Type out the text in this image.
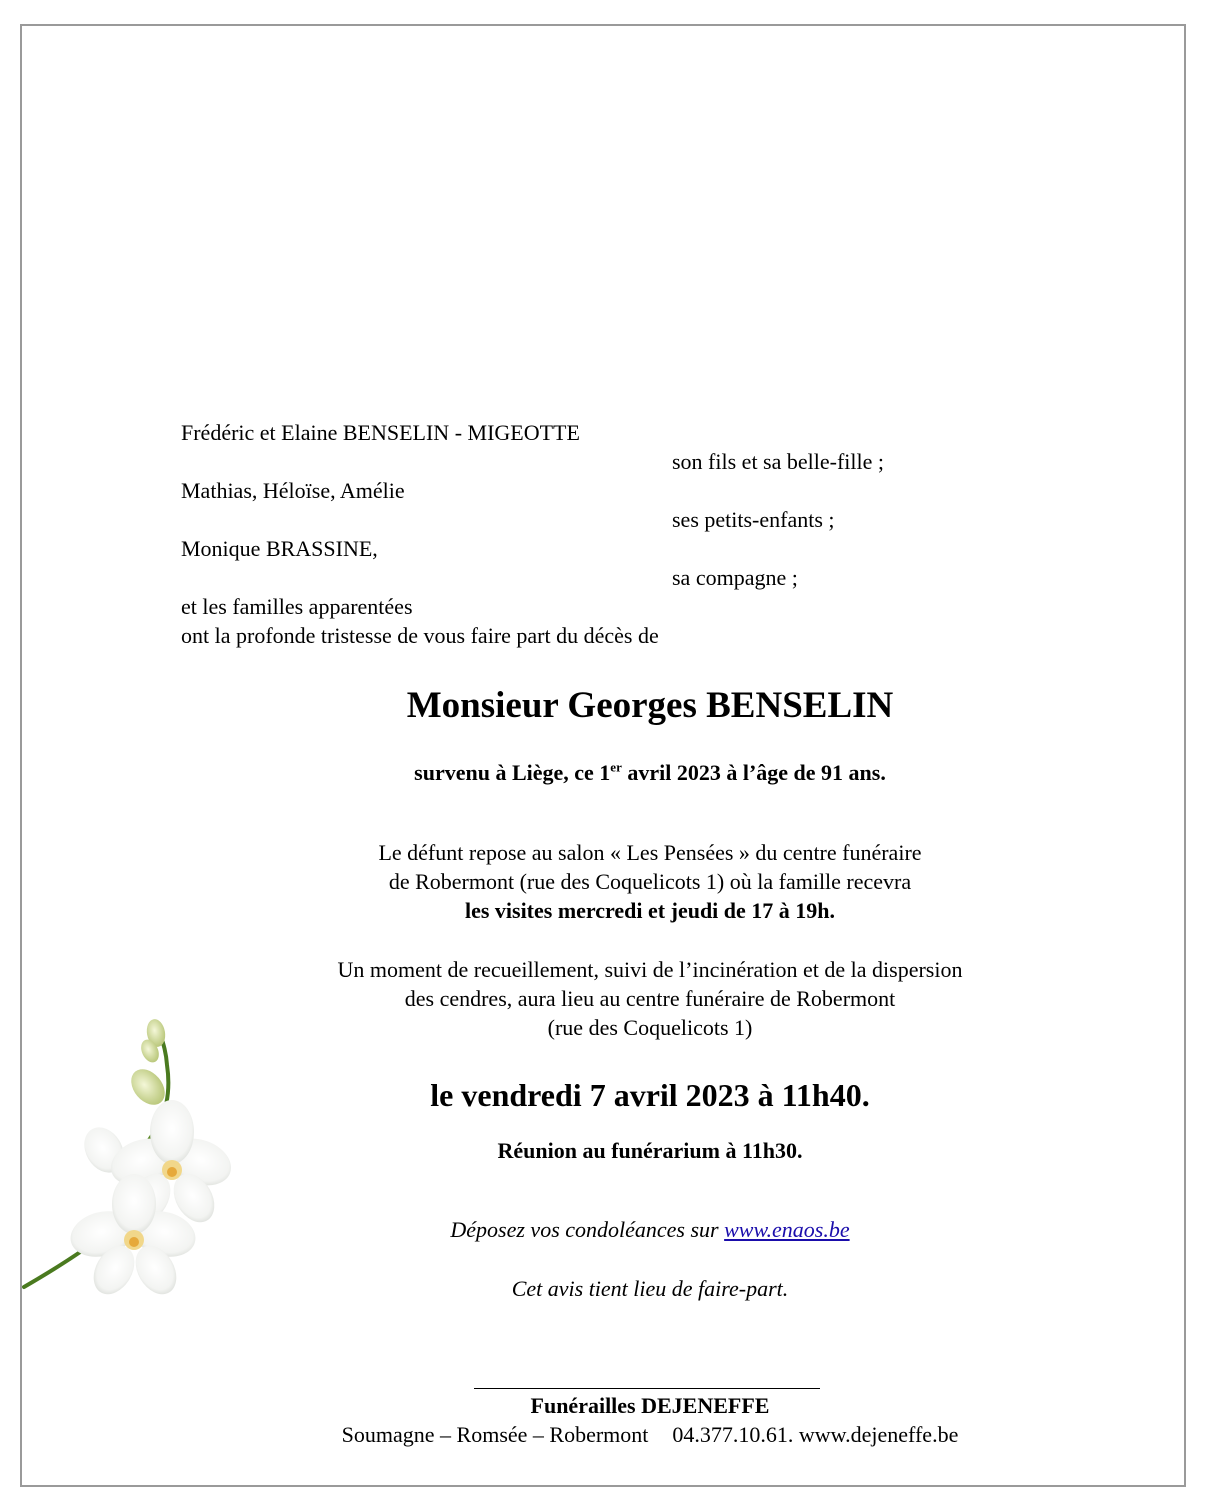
Frédéric et Elaine BENSELIN - MIGEOTTE
son fils et sa belle-fille ;
Mathias, Héloïse, Amélie
ses petits-enfants ;
Monique BRASSINE,
sa compagne ;
et les familles apparentées
ont la profonde tristesse de vous faire part du décès de
Monsieur Georges BENSELIN
survenu à Liège, ce 1er avril 2023 à l’âge de 91 ans.
Le défunt repose au salon « Les Pensées » du centre funéraire
de Robermont (rue des Coquelicots 1) où la famille recevra
les visites mercredi et jeudi de 17 à 19h.
Un moment de recueillement, suivi de l’incinération et de la dispersion
des cendres, aura lieu au centre funéraire de Robermont
(rue des Coquelicots 1)
le vendredi 7 avril 2023 à 11h40.
Réunion au funérarium à 11h30.
Déposez vos condoléances sur www.enaos.be
Cet avis tient lieu de faire-part.
Funérailles DEJENEFFE
Soumagne – Romsée – Robermont 04.377.10.61. www.dejeneffe.be
